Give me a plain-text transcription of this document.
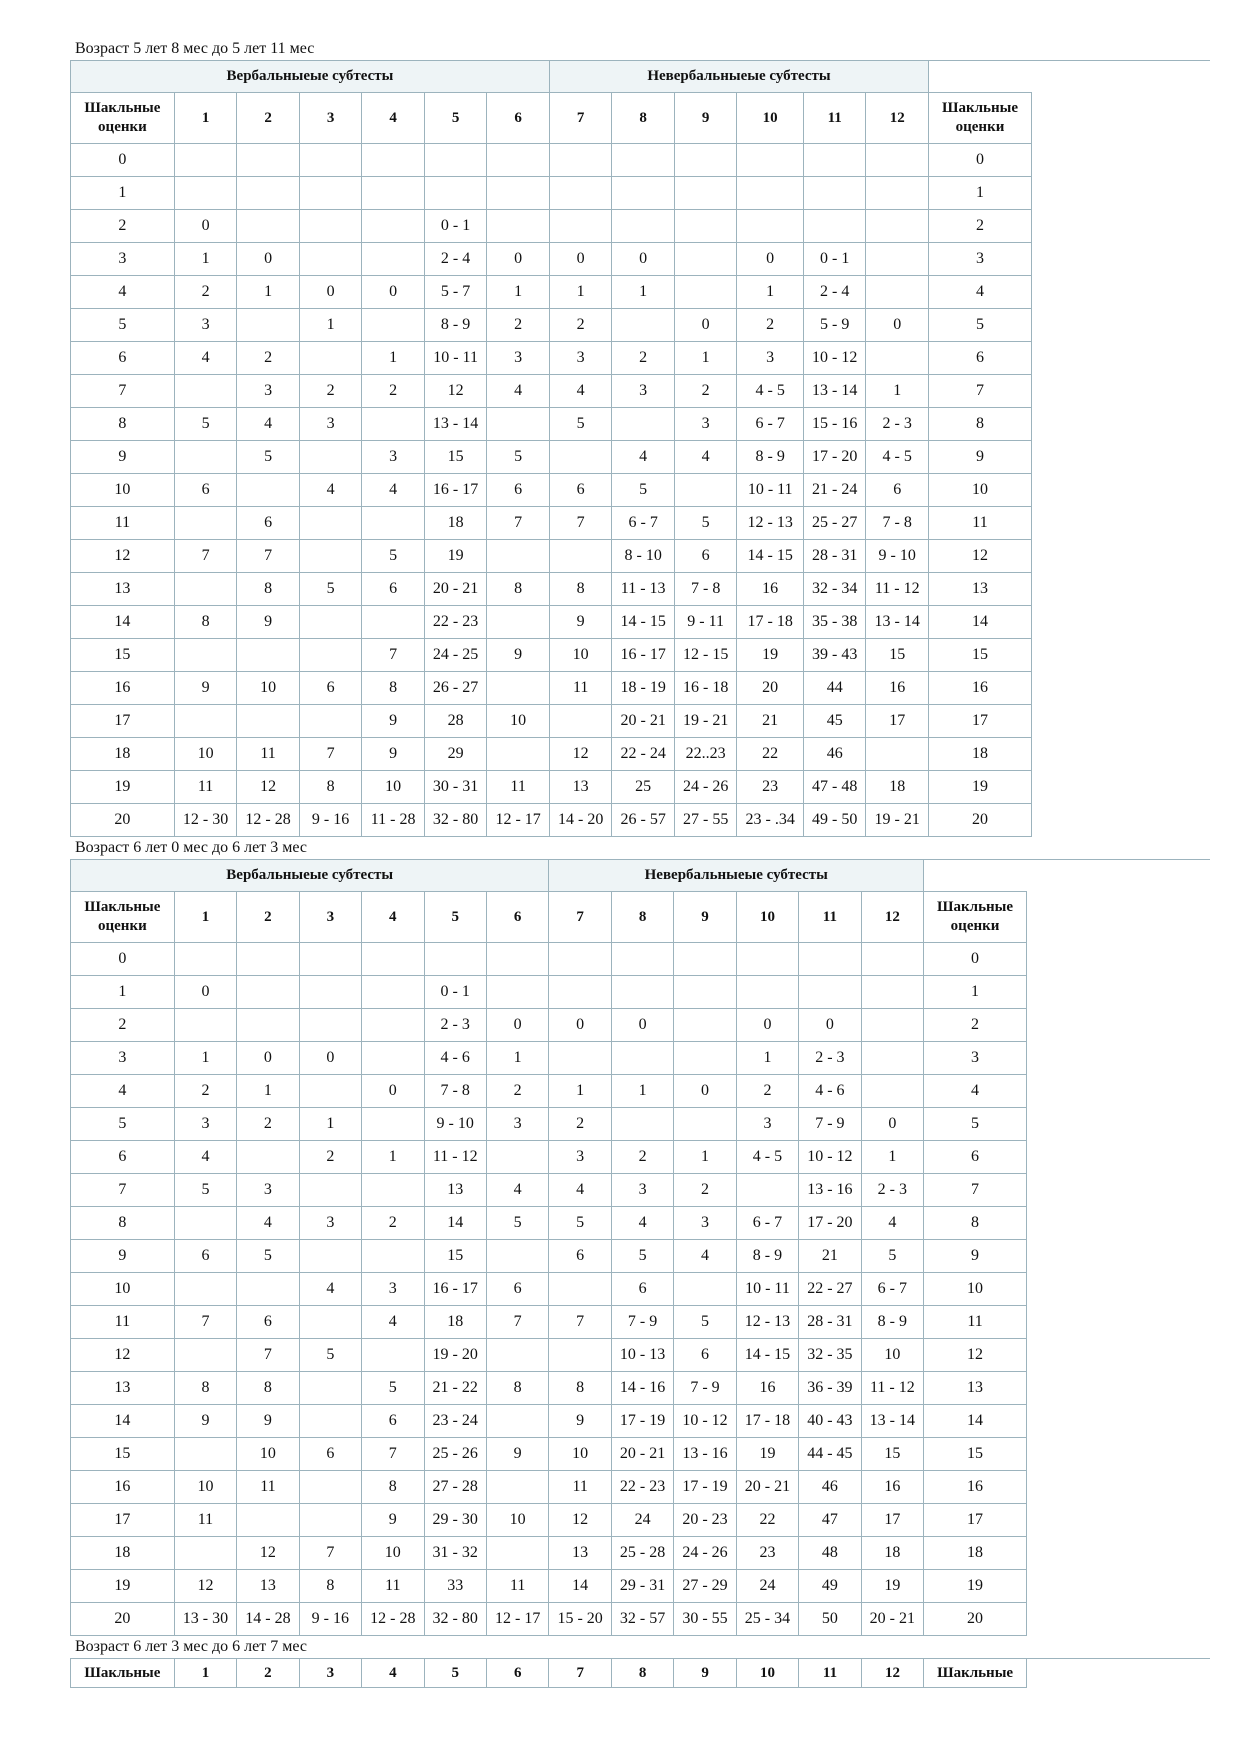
Возраст 5 лет 8 мес до 5 лет 11 мес
Вербальныеые субтесты							Невербальныеые субтесты						
Шакльные оценки	1	2	3	4	5	6	7	8	9	10	11	12	Шакльные оценки
0													0
1													1
2	0				0 - 1								2
3	1	0			2 - 4	0	0	0		0	0 - 1		3
4	2	1	0	0	5 - 7	1	1	1		1	2 - 4		4
5	3		1		8 - 9	2	2		0	2	5 - 9	0	5
6	4	2		1	10 - 11	3	3	2	1	3	10 - 12		6
7		3	2	2	12	4	4	3	2	4 - 5	13 - 14	1	7
8	5	4	3		13 - 14		5		3	6 - 7	15 - 16	2 - 3	8
9		5		3	15	5		4	4	8 - 9	17 - 20	4 - 5	9
10	6		4	4	16 - 17	6	6	5		10 - 11	21 - 24	6	10
11		6			18	7	7	6 - 7	5	12 - 13	25 - 27	7 - 8	11
12	7	7		5	19			8 - 10	6	14 - 15	28 - 31	9 - 10	12
13		8	5	6	20 - 21	8	8	11 - 13	7 - 8	16	32 - 34	11 - 12	13
14	8	9			22 - 23		9	14 - 15	9 - 11	17 - 18	35 - 38	13 - 14	14
15				7	24 - 25	9	10	16 - 17	12 - 15	19	39 - 43	15	15
16	9	10	6	8	26 - 27		11	18 - 19	16 - 18	20	44	16	16
17				9	28	10		20 - 21	19 - 21	21	45	17	17
18	10	11	7	9	29		12	22 - 24	22..23	22	46		18
19	11	12	8	10	30 - 31	11	13	25	24 - 26	23	47 - 48	18	19
20	12 - 30	12 - 28	9 - 16	11 - 28	32 - 80	12 - 17	14 - 20	26 - 57	27 - 55	23 - .34	49 - 50	19 - 21	20
Возраст 6 лет 0 мес до 6 лет 3 мес
Вербальныеые субтесты							Невербальныеые субтесты						
Шакльные оценки	1	2	3	4	5	6	7	8	9	10	11	12	Шакльные оценки
0													0
1	0				0 - 1								1
2					2 - 3	0	0	0		0	0		2
3	1	0	0		4 - 6	1				1	2 - 3		3
4	2	1		0	7 - 8	2	1	1	0	2	4 - 6		4
5	3	2	1		9 - 10	3	2			3	7 - 9	0	5
6	4		2	1	11 - 12		3	2	1	4 - 5	10 - 12	1	6
7	5	3			13	4	4	3	2		13 - 16	2 - 3	7
8		4	3	2	14	5	5	4	3	6 - 7	17 - 20	4	8
9	6	5			15		6	5	4	8 - 9	21	5	9
10			4	3	16 - 17	6		6		10 - 11	22 - 27	6 - 7	10
11	7	6		4	18	7	7	7 - 9	5	12 - 13	28 - 31	8 - 9	11
12		7	5		19 - 20			10 - 13	6	14 - 15	32 - 35	10	12
13	8	8		5	21 - 22	8	8	14 - 16	7 - 9	16	36 - 39	11 - 12	13
14	9	9		6	23 - 24		9	17 - 19	10 - 12	17 - 18	40 - 43	13 - 14	14
15		10	6	7	25 - 26	9	10	20 - 21	13 - 16	19	44 - 45	15	15
16	10	11		8	27 - 28		11	22 - 23	17 - 19	20 - 21	46	16	16
17	11			9	29 - 30	10	12	24	20 - 23	22	47	17	17
18		12	7	10	31 - 32		13	25 - 28	24 - 26	23	48	18	18
19	12	13	8	11	33	11	14	29 - 31	27 - 29	24	49	19	19
20	13 - 30	14 - 28	9 - 16	12 - 28	32 - 80	12 - 17	15 - 20	32 - 57	30 - 55	25 - 34	50	20 - 21	20
Возраст 6 лет 3 мес до 6 лет 7 мес
Шакльные	1	2	3	4	5	6	7	8	9	10	11	12	Шакльные
